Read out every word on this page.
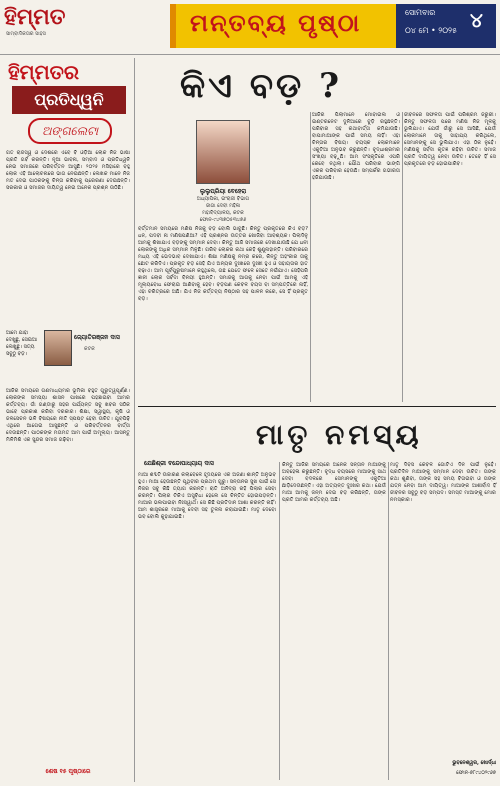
ହିମ୍ମତ
ସାମ୍ବାଦିକତାର ସାହସ	ମନ୍ତବ୍ୟ ପୃଷ୍ଠା	ସୋମବାର
୦୪ ମେ • ୨୦୨୫ ୪
ହିମ୍ମତର
ପ୍ରତିଧ୍ୱନି
ଅଙ୍ଗଲେଟା
ଗତ ରାଜସ୍ୱ ଓ ଦେଶରେ ଏବେ ବି ଓଡ଼ିଆ ଲୋକ ନିଜ ଭାଷା ପ୍ରତି ଗର୍ବ କରନ୍ତି। ନୂଆ ଭାବନା, ସମ୍ବାଦ ଓ ପ୍ରତିଧ୍ୱନି ନେଇ ସମାଜରେ ପରିବର୍ତ୍ତନ ଆସୁଛି। ୨୦୨୫ ମସିହାରେ ବହୁ ଲୋକ ଏହି ଆଲୋଚନାରେ ଭାଗ ନେଇଛନ୍ତି। ଲେଖକ ମାନେ ନିଜ ମତ ଦେଇ ପାଠକଙ୍କୁ ଚିନ୍ତା କରିବାକୁ ପ୍ରେରଣା ଦେଇଛନ୍ତି। ସରକାର ଓ ସମାଜର ଦାୟିତ୍ୱ ନେଇ ଅନେକ ପ୍ରଶ୍ନ ଉଠିଛି।
ଆମେ ଯାହା ଦେଖୁଛୁ, ସେଇଆ ଲେଖୁଛୁ। ସତ୍ୟ ସବୁଠୁ ବଡ଼।
ଜ୍ୟୋତିରଞ୍ଜନ ଦାସ
କଟକ
ଆଜିର ସମୟରେ ଗଣମାଧ୍ୟମର ଭୂମିକା ବହୁତ ଗୁରୁତ୍ୱପୂର୍ଣ୍ଣ। ଲୋକଙ୍କ ସମସ୍ୟା ଶାସନ ପାଖରେ ପହଞ୍ଚାଇବା ଆମର କର୍ତ୍ତବ୍ୟ। ଗାଁ ଗଣ୍ଡାରୁ ସହର ପର୍ଯ୍ୟନ୍ତ ସବୁ ଖବର ସଠିକ ଭାବେ ପ୍ରକାଶ କରିବା ଦରକାର। ଶିକ୍ଷା, ସ୍ୱାସ୍ଥ୍ୟ, କୃଷି ଓ ଜଳସେଚନ ଭଳି ବିଷୟରେ ନୀତି ସ୍ପଷ୍ଟ ହେବା ଉଚିତ। ଯୁବପିଢ଼ି ଏଥିରେ ଆଗେଇ ଆସୁଛନ୍ତି ଓ ପରିବର୍ତ୍ତନର ବାର୍ତ୍ତା ଦେଉଛନ୍ତି। ପାଠକଙ୍କ ମତାମତ ଆମ ପାଇଁ ଅମୂଲ୍ୟ। ଆସନ୍ତୁ ମିଳିମିଶି ଏକ ସୁନ୍ଦର ସମାଜ ଗଢ଼ିବା।
ଶେଷ ୧୫ ପୃଷ୍ଠାରେ
କିଏ ବଡ଼ ?
ଲୁଲୁପ୍ରିୟା ବେହେରା
ଅଧ୍ୟାପିକା, ଇଂରାଜୀ ବିଭାଗ
ଜାଗା ଦେବୀ ମହିଳା
ମହାବିଦ୍ୟାଳୟ, କଟକ
ଫୋନ-୯୪୩୭୦୫୩୪୭୬
ବର୍ତ୍ତମାନ ସମୟରେ ମଣିଷ ନିଜକୁ ବଡ଼ ବୋଲି ଭାବୁଛି। କିନ୍ତୁ ପ୍ରକୃତରେ କିଏ ବଡ଼? ଧନ, ପଦବୀ ନା ମଣିଷପଣିଆ? ଏହି ପ୍ରଶ୍ନର ଉତ୍ତର ଖୋଜିବା ଆବଶ୍ୟକ। ପିଲାଦିନୁ ଆମକୁ ଶିଖାଯାଏ ବଡ଼ଙ୍କୁ ସମ୍ମାନ ଦେବା। କିନ୍ତୁ ଆଜି ସମାଜରେ ଦେଖାଯାଉଛି ଯେ ଧନୀ ଲୋକଙ୍କୁ ଅଧିକ ସମ୍ମାନ ମିଳୁଛି। ଗରିବ ଲୋକର କଥା କେହି ଶୁଣୁନାହାନ୍ତି। ପରିବାରରେ ମଧ୍ୟ ଏହି ଭେଦଭାବ ଦେଖାଯାଏ। ଶିକ୍ଷା ମଣିଷକୁ ନମ୍ର କରେ, କିନ୍ତୁ ଅହଂକାର ତାକୁ ଛୋଟ କରିଦିଏ। ପ୍ରକୃତ ବଡ଼ ସେହି ଯିଏ ଅନ୍ୟର ଦୁଃଖରେ ଦୁଃଖୀ ହୁଏ ଓ ସହାୟତାର ହାତ ବଢ଼ାଏ। ଆମ ପୂର୍ବପୁରୁଷମାନେ କହୁଥିଲେ, ଗଛ ଯେତେ ଫଳେ ସେତେ ନଇଁଯାଏ। ସେହିପରି ଜ୍ଞାନୀ ଲୋକ ସର୍ବଦା ବିନୟୀ ହୁଅନ୍ତି। ସମାଜକୁ ଆଗକୁ ନେବା ପାଇଁ ଆମକୁ ଏହି ମୂଲ୍ୟବୋଧ ଫେରାଇ ଆଣିବାକୁ ହେବ। ବଡ଼ପଣ କେବଳ ବୟସ ବା ସମ୍ପତ୍ତିରେ ନାହିଁ, ଏହା ଚରିତ୍ରରେ ଅଛି। ଯିଏ ନିଜ କର୍ତ୍ତବ୍ୟ ନିଷ୍ଠାର ସହ ପାଳନ କରେ, ସେ ହିଁ ପ୍ରକୃତ ବଡ଼।
ଆଜିର ପିଲାମାନେ ମୋବାଇଲ ଓ ଇଣ୍ଟରନେଟ ଦୁନିଆରେ ବୁଡ଼ି ରହୁଛନ୍ତି। ପରିବାର ସହ କଥାବାର୍ତ୍ତା କମିଯାଉଛି। ବାପାମାଆଙ୍କ ପାଇଁ ସମୟ ନାହିଁ। ଏହା ଚିନ୍ତାର ବିଷୟ। ବୟସ୍କ ଲୋକମାନେ ଏକୁଟିଆ ଅନୁଭବ କରୁଛନ୍ତି। ବୃଦ୍ଧାଶ୍ରମର ସଂଖ୍ୟା ବଢ଼ୁଛି। ଆମ ସଂସ୍କୃତିରେ ଏପରି କେବେ ନଥିଲା। ଯୌଥ ପରିବାର ଭାଙ୍ଗି ଏକକ ପରିବାର ହେଉଛି। ସମ୍ପର୍କର ଗଭୀରତା ହଜିଯାଉଛି।
ଜୀବନରେ ସଫଳତା ପାଇଁ ପରିଶ୍ରମ ଜରୁରୀ। କିନ୍ତୁ ସଫଳତା ପରେ ମଣିଷ ନିଜ ମୂଳକୁ ଭୁଲିଯାଏ। ଯେଉଁ ଗାଁରୁ ସେ ଆସିଛି, ଯେଉଁ ଲୋକମାନେ ତାକୁ ସାହାଯ୍ୟ କରିଥିଲେ, ସେମାନଙ୍କୁ ସେ ଭୁଲିଯାଏ। ଏହା ଠିକ ନୁହେଁ। ମଣିଷକୁ ସର୍ବଦା କୃତଜ୍ଞ ରହିବା ଉଚିତ। ସମାଜ ପ୍ରତି ଦାୟିତ୍ୱ ନେବା ଉଚିତ। ତେବେ ହିଁ ସେ ପ୍ରକୃତରେ ବଡ଼ ହୋଇପାରିବ।
ମାତୃ ନମସ୍ୟ
ଯେଛିଶ୍ରୀ ବନ୍ଦୋପାଧ୍ୟାୟ ଦାସ
ମାଆ ଶବ୍ଦଟି ଉଚ୍ଚାରଣ କଲାବେଳେ ହୃଦୟରେ ଏକ ଅଜଣା ଶାନ୍ତି ଅନୁଭବ ହୁଏ। ମାଆ ହେଉଛନ୍ତି ପୃଥିବୀର ପ୍ରଥମ ଗୁରୁ। ସନ୍ତାନର ସୁଖ ପାଇଁ ସେ ନିଜର ସବୁ କିଛି ତ୍ୟାଗ କରନ୍ତି। ରାତି ଅନିଦ୍ରା ରହି ପିଲାର ସେବା କରନ୍ତି। ପିଲାର ଟିକିଏ ଅସୁବିଧା ହେଲେ ସେ ଚିନ୍ତିତ ହୋଇପଡ଼ନ୍ତି। ମାଆର ଭଲପାଇବା ନିଃସ୍ୱାର୍ଥ। ସେ କିଛି ପ୍ରତିଦାନ ଆଶା କରନ୍ତି ନାହିଁ। ଆମ ଶାସ୍ତ୍ରରେ ମାଆକୁ ଦେବୀ ସହ ତୁଳନା କରାଯାଇଛି। ମାତୃ ଦେବୋ ଭବ ବୋଲି କୁହାଯାଇଛି।
କିନ୍ତୁ ଆଜିର ସମୟରେ ଅନେକ ସନ୍ତାନ ମାଆଙ୍କୁ ଅବହେଳା କରୁଛନ୍ତି। ବୃଦ୍ଧ ବୟସରେ ମାଆଙ୍କୁ ସାଥ ଦେବା ବଦଳରେ ସେମାନଙ୍କୁ ଏକୁଟିଆ ଛାଡ଼ିଦେଉଛନ୍ତି। ଏହା ଅତ୍ୟନ୍ତ ଦୁଃଖର କଥା। ଯେଉଁ ମାଆ ଆମକୁ ଜନ୍ମ ଦେଇ ବଡ଼ କରିଛନ୍ତି, ତାଙ୍କ ପ୍ରତି ଆମର କର୍ତ୍ତବ୍ୟ ଅଛି।
ମାତୃ ଦିବସ କେବଳ ଗୋଟିଏ ଦିନ ପାଇଁ ନୁହେଁ। ପ୍ରତିଦିନ ମାଆଙ୍କୁ ସମ୍ମାନ ଦେବା ଉଚିତ। ତାଙ୍କ କଥା ଶୁଣିବା, ତାଙ୍କ ସହ ସମୟ ବିତାଇବା ଓ ତାଙ୍କ ଯତ୍ନ ନେବା ଆମ ଦାୟିତ୍ୱ। ମାଆଙ୍କ ଆଶୀର୍ବାଦ ହିଁ ଜୀବନର ସବୁଠୁ ବଡ଼ ସମ୍ପଦ। ସମସ୍ତ ମାଆଙ୍କୁ ମୋର ନମସ୍କାର।
ଭୁବନେଶ୍ୱର, ଖୋର୍ଦ୍ଧା
ଫୋନ-୭୮୯୪୦୨୯୬୭
